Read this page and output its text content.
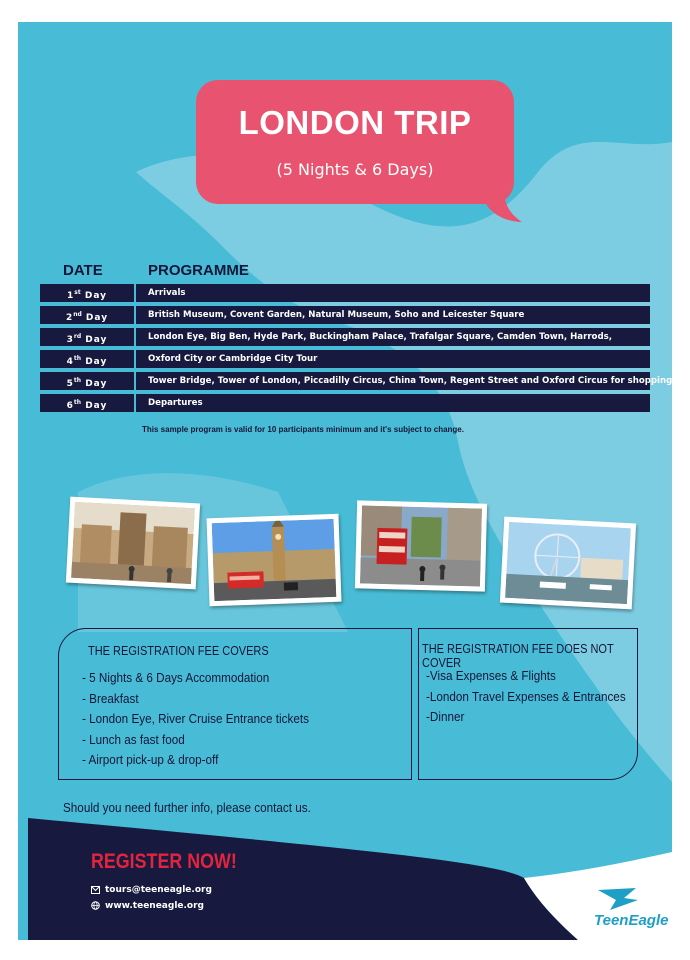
LONDON TRIP
(5 Nights & 6 Days)
DATE	PROGRAMME
1st Day	Arrivals
2nd Day	British Museum, Covent Garden, Natural Museum, Soho and Leicester Square
3rd Day	London Eye, Big Ben, Hyde Park, Buckingham Palace, Trafalgar Square, Camden Town, Harrods,
4th Day	Oxford City or Cambridge City Tour
5th Day	Tower Bridge, Tower of London, Piccadilly Circus, China Town, Regent Street and Oxford Circus for shopping
6th Day	Departures
This sample program is valid for 10 participants minimum and it's subject to change.
THE REGISTRATION FEE COVERS
- 5 Nights & 6 Days Accommodation
- Breakfast
- London Eye, River Cruise Entrance tickets
- Lunch as fast food
- Airport pick-up & drop-off
THE REGISTRATION FEE DOES NOT COVER
-Visa Expenses & Flights
-London Travel Expenses & Entrances
-Dinner
Should you need further info, please contact us.
REGISTER NOW!
tours@teeneagle.org
www.teeneagle.org
TeenEagle
